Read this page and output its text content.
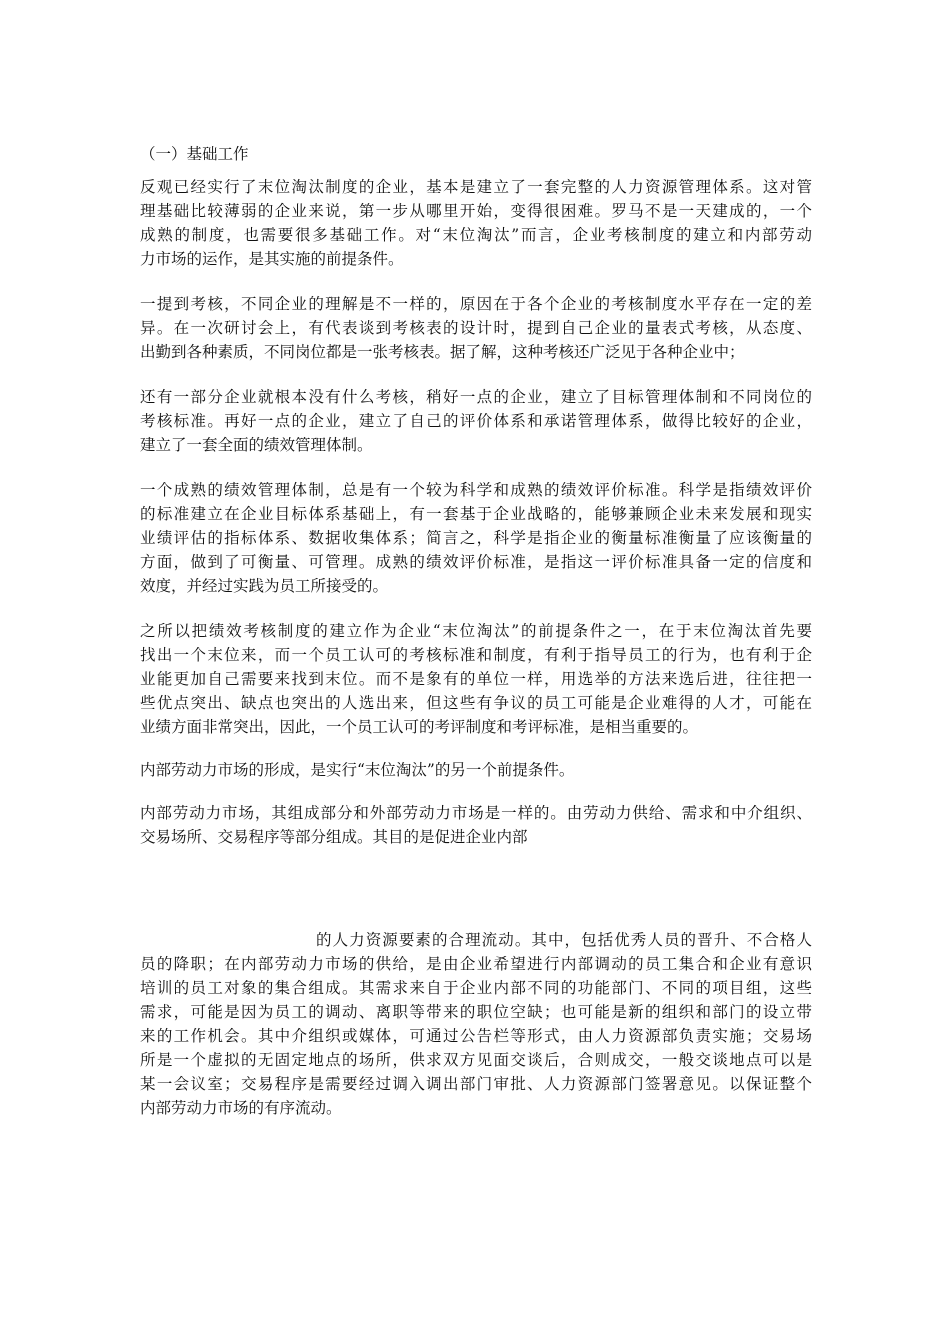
（一）基础工作
反观已经实行了末位淘汰制度的企业，基本是建立了一套完整的人力资源管理体系。这对管
理基础比较薄弱的企业来说，第一步从哪里开始，变得很困难。罗马不是一天建成的，一个
成熟的制度，也需要很多基础工作。对“末位淘汰”而言，企业考核制度的建立和内部劳动
力市场的运作，是其实施的前提条件。
一提到考核，不同企业的理解是不一样的，原因在于各个企业的考核制度水平存在一定的差
异。在一次研讨会上，有代表谈到考核表的设计时，提到自己企业的量表式考核，从态度、
出勤到各种素质，不同岗位都是一张考核表。据了解，这种考核还广泛见于各种企业中；
还有一部分企业就根本没有什么考核，稍好一点的企业，建立了目标管理体制和不同岗位的
考核标准。再好一点的企业，建立了自己的评价体系和承诺管理体系，做得比较好的企业，
建立了一套全面的绩效管理体制。
一个成熟的绩效管理体制，总是有一个较为科学和成熟的绩效评价标准。科学是指绩效评价
的标准建立在企业目标体系基础上，有一套基于企业战略的，能够兼顾企业未来发展和现实
业绩评估的指标体系、数据收集体系；简言之，科学是指企业的衡量标准衡量了应该衡量的
方面，做到了可衡量、可管理。成熟的绩效评价标准，是指这一评价标准具备一定的信度和
效度，并经过实践为员工所接受的。
之所以把绩效考核制度的建立作为企业“末位淘汰”的前提条件之一，在于末位淘汰首先要
找出一个末位来，而一个员工认可的考核标准和制度，有利于指导员工的行为，也有利于企
业能更加自己需要来找到末位。而不是象有的单位一样，用选举的方法来选后进，往往把一
些优点突出、缺点也突出的人选出来，但这些有争议的员工可能是企业难得的人才，可能在
业绩方面非常突出，因此，一个员工认可的考评制度和考评标准，是相当重要的。
内部劳动力市场的形成，是实行“末位淘汰”的另一个前提条件。
内部劳动力市场，其组成部分和外部劳动力市场是一样的。由劳动力供给、需求和中介组织、
交易场所、交易程序等部分组成。其目的是促进企业内部
的人力资源要素的合理流动。其中，包括优秀人员的晋升、不合格人
员的降职；在内部劳动力市场的供给，是由企业希望进行内部调动的员工集合和企业有意识
培训的员工对象的集合组成。其需求来自于企业内部不同的功能部门、不同的项目组，这些
需求，可能是因为员工的调动、离职等带来的职位空缺；也可能是新的组织和部门的设立带
来的工作机会。其中介组织或媒体，可通过公告栏等形式，由人力资源部负责实施；交易场
所是一个虚拟的无固定地点的场所，供求双方见面交谈后，合则成交，一般交谈地点可以是
某一会议室；交易程序是需要经过调入调出部门审批、人力资源部门签署意见。以保证整个
内部劳动力市场的有序流动。
